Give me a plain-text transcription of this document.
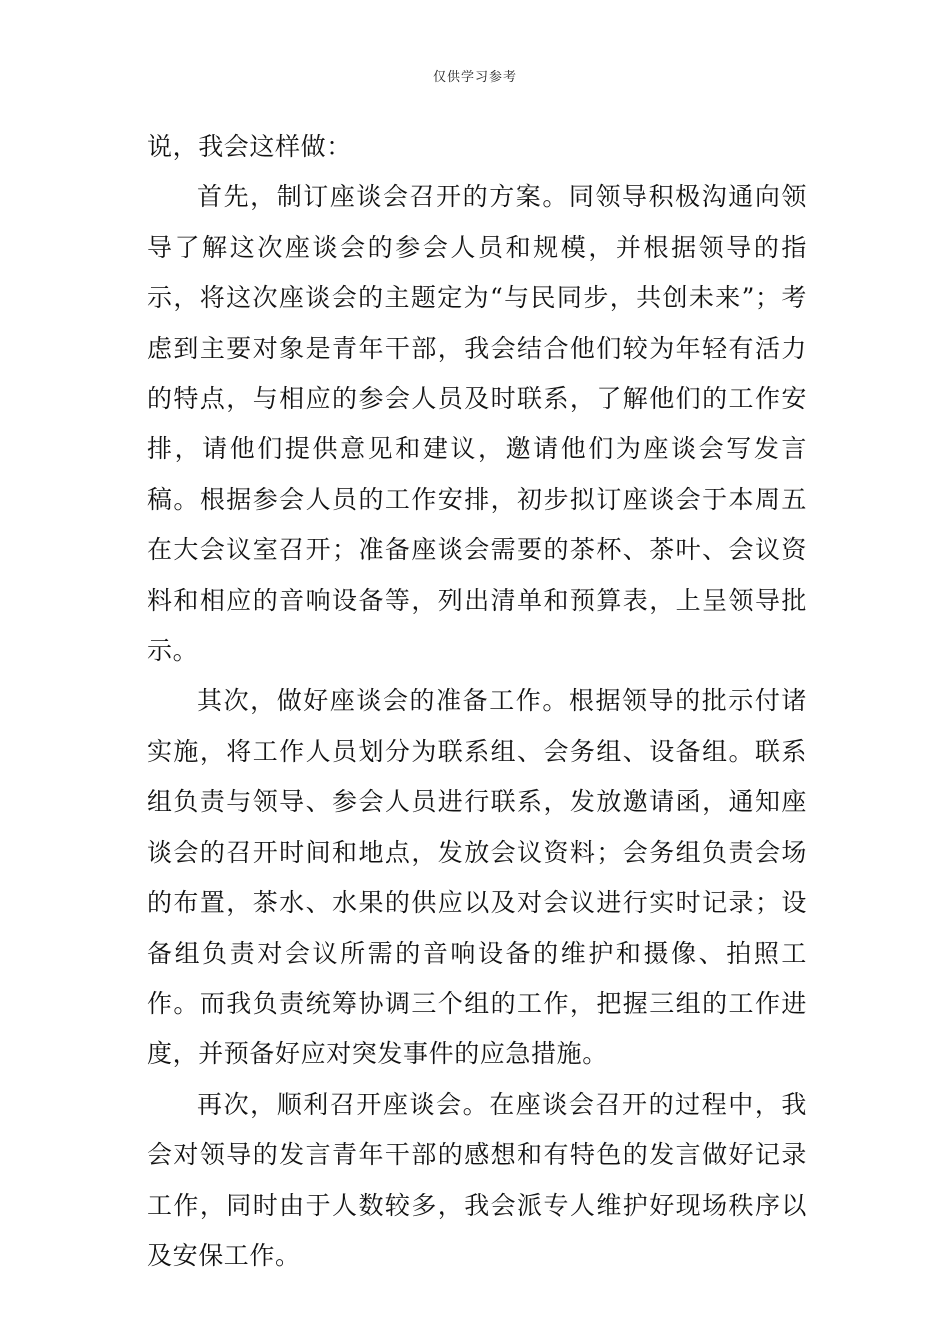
仅供学习参考

说，我会这样做：

首先，制订座谈会召开的方案。同领导积极沟通向领导了解这次座谈会的参会人员和规模，并根据领导的指示，将这次座谈会的主题定为“与民同步，共创未来”；考虑到主要对象是青年干部，我会结合他们较为年轻有活力的特点，与相应的参会人员及时联系，了解他们的工作安排，请他们提供意见和建议，邀请他们为座谈会写发言稿。根据参会人员的工作安排，初步拟订座谈会于本周五在大会议室召开；准备座谈会需要的茶杯、茶叶、会议资料和相应的音响设备等，列出清单和预算表，上呈领导批示。

其次，做好座谈会的准备工作。根据领导的批示付诸实施，将工作人员划分为联系组、会务组、设备组。联系组负责与领导、参会人员进行联系，发放邀请函，通知座谈会的召开时间和地点，发放会议资料；会务组负责会场的布置，茶水、水果的供应以及对会议进行实时记录；设备组负责对会议所需的音响设备的维护和摄像、拍照工作。而我负责统筹协调三个组的工作，把握三组的工作进度，并预备好应对突发事件的应急措施。

再次，顺利召开座谈会。在座谈会召开的过程中，我会对领导的发言青年干部的感想和有特色的发言做好记录工作，同时由于人数较多，我会派专人维护好现场秩序以及安保工作。
